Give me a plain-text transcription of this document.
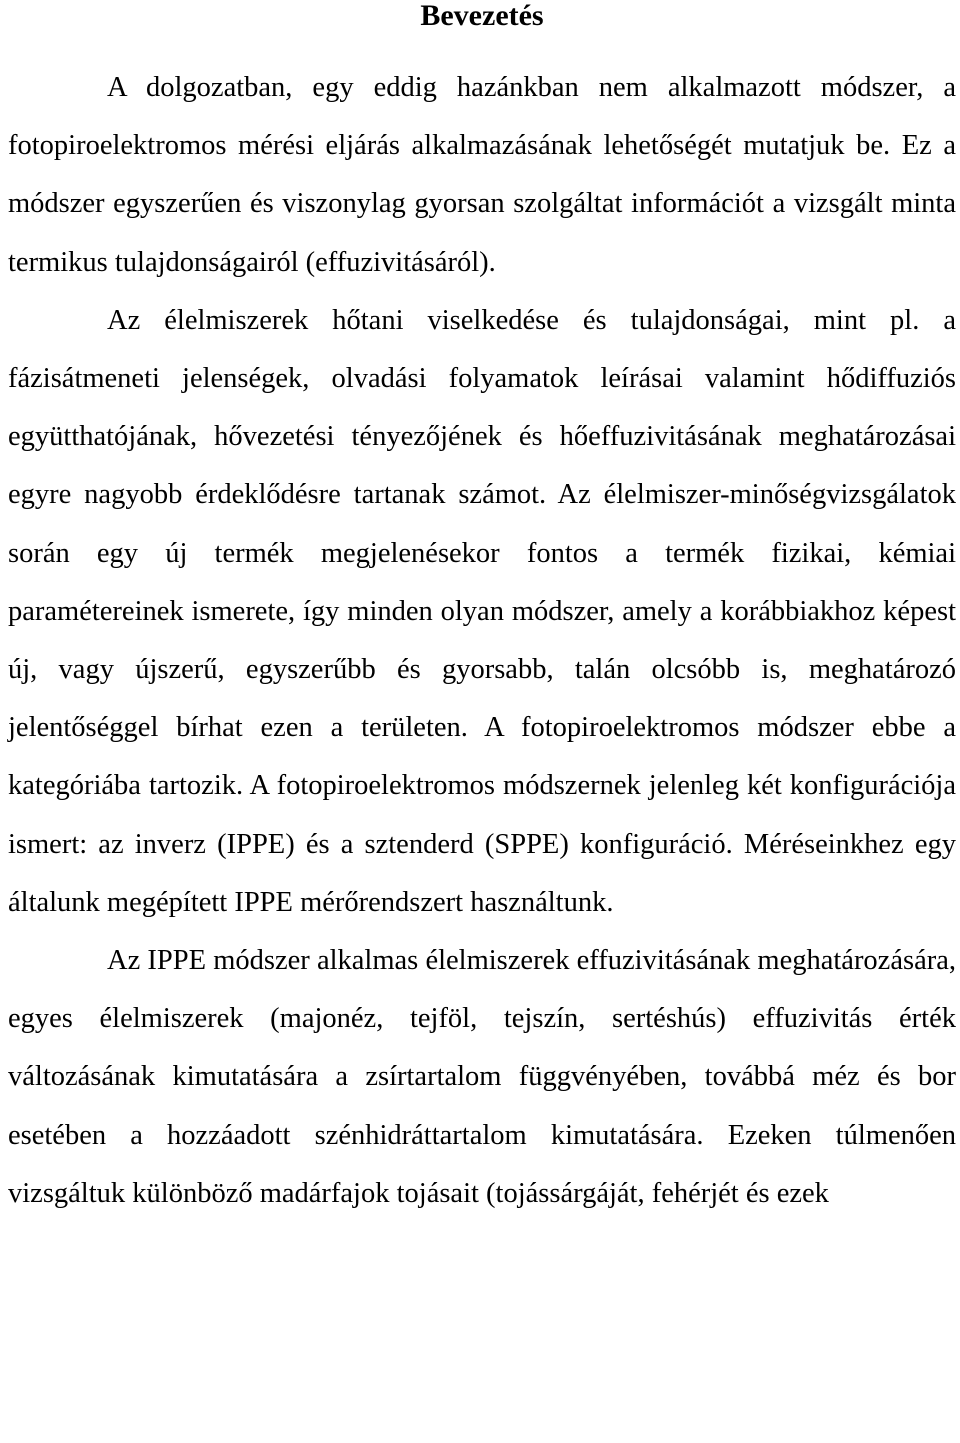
Bevezetés

A dolgozatban, egy eddig hazánkban nem alkalmazott módszer, a fotopiroelektromos mérési eljárás alkalmazásának lehetőségét mutatjuk be. Ez a módszer egyszerűen és viszonylag gyorsan szolgáltat információt a vizsgált minta termikus tulajdonságairól (effuzivitásáról).

Az élelmiszerek hőtani viselkedése és tulajdonságai, mint pl. a fázisátmeneti jelenségek, olvadási folyamatok leírásai valamint hődiffuziós együtthatójának, hővezetési tényezőjének és hőeffuzivitásának meghatározásai egyre nagyobb érdeklődésre tartanak számot. Az élelmiszer-minőségvizsgálatok során egy új termék megjelenésekor fontos a termék fizikai, kémiai paramétereinek ismerete, így minden olyan módszer, amely a korábbiakhoz képest új, vagy újszerű, egyszerűbb és gyorsabb, talán olcsóbb is, meghatározó jelentőséggel bírhat ezen a területen. A fotopiroelektromos módszer ebbe a kategóriába tartozik. A fotopiroelektromos módszernek jelenleg két konfigurációja ismert: az inverz (IPPE) és a sztenderd (SPPE) konfiguráció. Méréseinkhez egy általunk megépített IPPE mérőrendszert használtunk.

Az IPPE módszer alkalmas élelmiszerek effuzivitásának meghatározására, egyes élelmiszerek (majonéz, tejföl, tejszín, sertéshús) effuzivitás érték változásának kimutatására a zsírtartalom függvényében, továbbá méz és bor esetében a hozzáadott szénhidráttartalom kimutatására. Ezeken túlmenően vizsgáltuk különböző madárfajok tojásait (tojássárgáját, fehérjét és ezek
